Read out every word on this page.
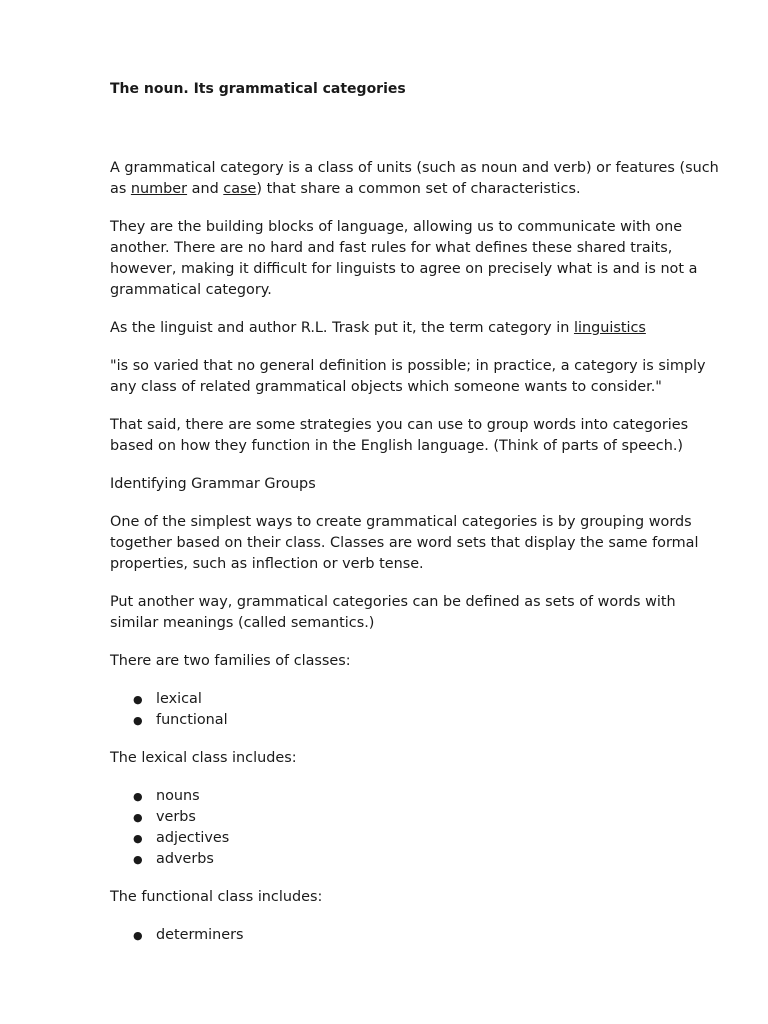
The noun. Its grammatical categories

A grammatical category is a class of units (such as noun and verb) or features (such as number and case) that share a common set of characteristics.

They are the building blocks of language, allowing us to communicate with one another. There are no hard and fast rules for what defines these shared traits, however, making it difficult for linguists to agree on precisely what is and is not a grammatical category.

As the linguist and author R.L. Trask put it, the term category in linguistics

"is so varied that no general definition is possible; in practice, a category is simply any class of related grammatical objects which someone wants to consider."

That said, there are some strategies you can use to group words into categories based on how they function in the English language. (Think of parts of speech.)

Identifying Grammar Groups

One of the simplest ways to create grammatical categories is by grouping words together based on their class. Classes are word sets that display the same formal properties, such as inflection or verb tense.

Put another way, grammatical categories can be defined as sets of words with similar meanings (called semantics.)

There are two families of classes:

● lexical
● functional

The lexical class includes:

● nouns
● verbs
● adjectives
● adverbs

The functional class includes:

● determiners
